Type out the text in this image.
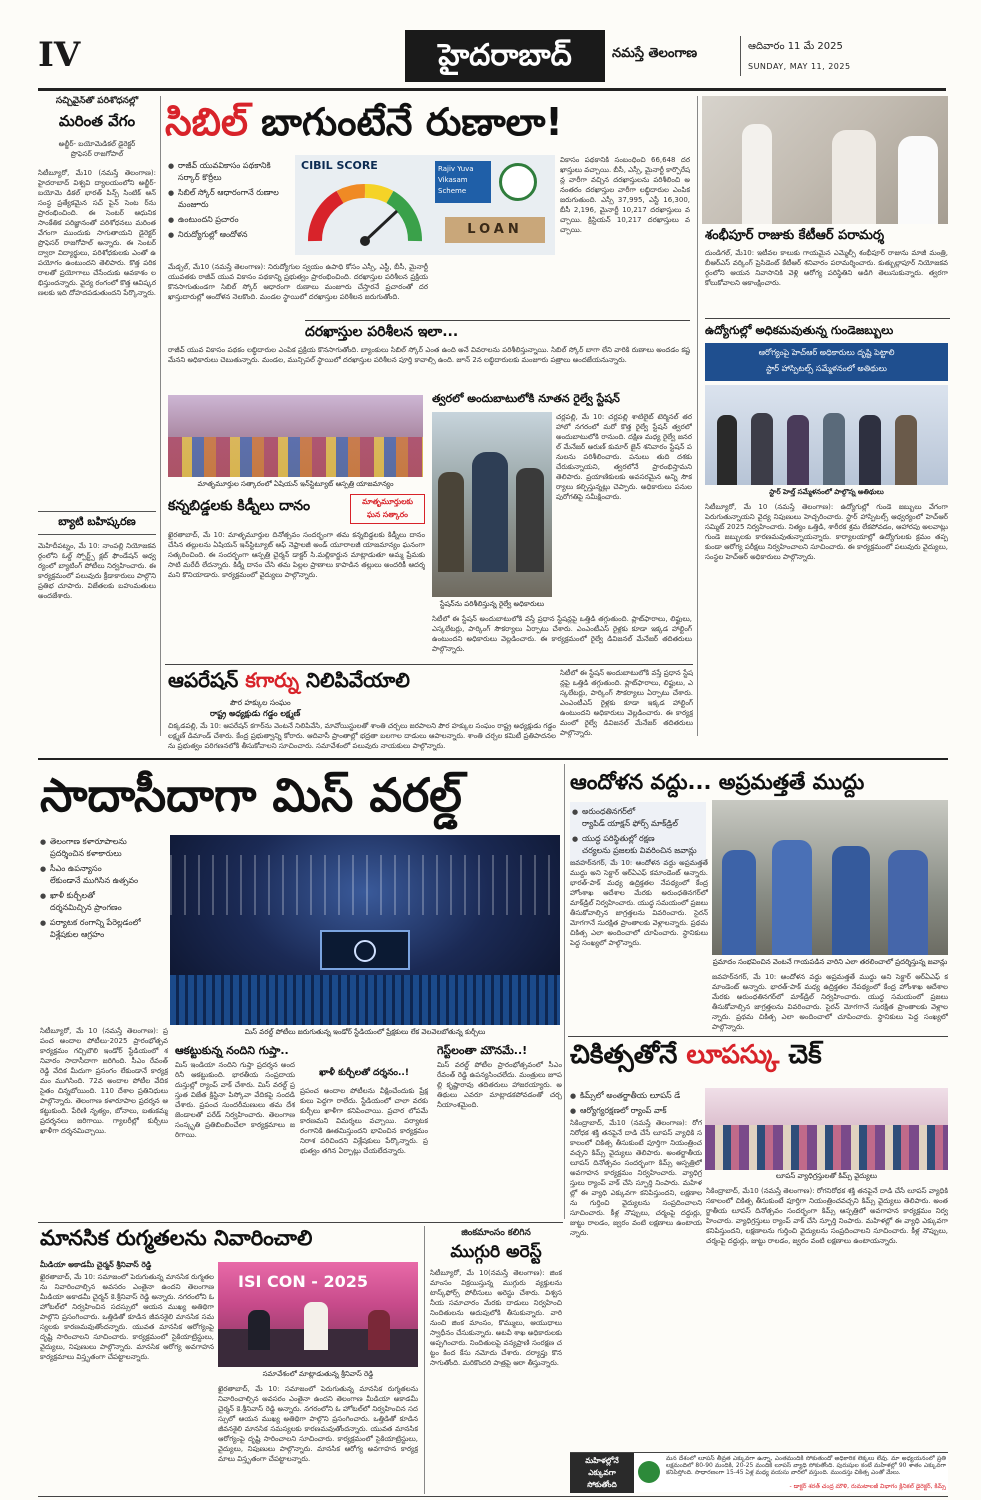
IV	హైదరాబాద్	నమస్తే తెలంగాణ	ఆదివారం 11 మే 2025
SUNDAY, MAY 11, 2025
సచ్చివైన్‌తో పరిశోధనల్లో
మరింత వేగం
అల్జీర్- బయోమెడికల్ డైరెక్టర్
ప్రొఫెసర్ రాజగోపాల్
సిటీబ్యూరో, మే10 (నమస్తే తెలంగాణ): హైదరాబాద్ విశ్వవి ద్యాలయంలోని అల్జీర్- బయోమె డికల్ భారత్ పిన్స్ సింటిక్ ఆన్ సంస్థ ప్రత్యేకమైన సచ్ పైన్ సెంట ర్‌ను ప్రారంభించింది. ఈ సెంటర్ ఆధునిక సాంకేతిక పరిజ్ఞానంతో పరిశోధనలు మరింత వేగంగా ముందుకు సాగుతాయని డైరెక్టర్ ప్రొఫెసర్ రాజగోపాల్ అన్నారు. ఈ సెంటర్ ద్వారా విద్యార్థులు, పరిశోధకులకు ఎంతో ఉపయోగం ఉంటుందని తెలిపారు. కొత్త పరికరాలతో ప్రయోగాలు చేసేందుకు అవకాశం లభిస్తుందన్నారు. వైద్య రంగంలో కొత్త ఆవిష్కరణలకు ఇది దోహదపడుతుందని పేర్కొన్నారు.
బ్యాటి బహిష్కరణ
మెహిదీపట్నం, మే 10: నాంపల్లి నియోజకవర్గంలోని ఓల్డ్ స్పోర్ట్స్ క్లబ్ ఫౌండేషన్ ఆధ్వర్యంలో బ్యాటింగ్ పోటీలు నిర్వహించారు. ఈ కార్యక్రమంలో పలువురు క్రీడాకారులు పాల్గొని ప్రతిభ చూపారు. విజేతలకు బహుమతులు అందజేశారు.
సిబిల్ బాగుంటేనే రుణాలా!
● రాజీవ్ యువవికాసం పథకానికి సర్కార్ కొర్రీలు
● సిబిల్ స్కోర్ ఆధారంగానే రుణాల మంజూరు
● ఉంటుందని ప్రచారం
● నిరుద్యోగుల్లో ఆందోళన
CIBIL SCORE	Rajiv Yuva
Vikasam
Scheme
LOAN
మేడ్చల్, మే10 (నమస్తే తెలంగాణ): నిరుద్యోగుల స్వయం ఉపాధి కోసం ఎస్సీ, ఎస్టీ, బీసీ, మైనార్టీ యువతకు రాజీవ్ యువ వికాసం పథకాన్ని ప్రభుత్వం ప్రారంభించింది. దరఖాస్తుల పరిశీలన ప్రక్రియ కొనసాగుతుండగా సిబిల్ స్కోర్ ఆధారంగా రుణాలు మంజూరు చేస్తారనే ప్రచారంతో దరఖాస్తుదారుల్లో ఆందోళన నెలకొంది. మండల స్థాయిలో దరఖాస్తుల పరిశీలన జరుగుతోంది.
వికాసం పథకానికి సంబంధించి 66,648 దరఖాస్తులు వచ్చాయి. బీసీ, ఎస్సీ, మైనార్టీ కార్పొరేషన్ల వారీగా వచ్చిన దరఖాస్తులను పరిశీలించి అనంతరం దరఖాస్తుల వారీగా లబ్ధిదారుల ఎంపిక జరుగుతుంది. ఎస్సీ 37,995, ఎస్టీ 16,300, బీసీ 2,196, మైనార్టీ 10,217 దరఖాస్తులు వచ్చాయి. క్రిస్టియన్ 10,217 దరఖాస్తులు వచ్చాయి.
దరఖాస్తుల పరిశీలన ఇలా...
రాజీవ్ యువ వికాసం పథకం లబ్ధిదారుల ఎంపిక ప్రక్రియ కొనసాగుతోంది. బ్యాంకులు సిబిల్ స్కోర్ ఎంత ఉంది అనే వివరాలను పరిశీలిస్తున్నాయి. సిబిల్ స్కోర్ బాగా లేని వారికి రుణాలు అందడం కష్టమేనని అధికారులు చెబుతున్నారు. మండల, మున్సిపల్ స్థాయిలో దరఖాస్తుల పరిశీలన పూర్తి కావాల్సి ఉంది. జూన్ 2న లబ్ధిదారులకు మంజూరు పత్రాలు అందజేయనున్నారు.
శంభీపూర్ రాజుకు కేటీఆర్ పరామర్శ
దుండిగల్, మే10: ఇటీవల కాలుకు గాయమైన ఎమ్మెల్సీ శంభీపూర్ రాజును మాజీ మంత్రి, బీఆర్ఎస్ వర్కింగ్ ప్రెసిడెంట్ కేటీఆర్ శనివారం పరామర్శించారు. కుత్బుల్లాపూర్ నియోజకవర్గంలోని ఆయన నివాసానికి వెళ్లి ఆరోగ్య పరిస్థితిని అడిగి తెలుసుకున్నారు. త్వరగా కోలుకోవాలని ఆకాంక్షించారు.
ఉద్యోగుల్లో అధికమవుతున్న గుండెజబ్బులు
ఆరోగ్యంపై హెచ్‌ఆర్ అధికారులు దృష్టి పెట్టాలి
స్టార్ హాస్పిటల్స్ సమ్మేళనంలో అతిథులు
స్టార్ హెల్త్ సమ్మేళనంలో పాల్గొన్న అతిథులు
సిటీబ్యూరో, మే 10 (నమస్తే తెలంగాణ): ఉద్యోగుల్లో గుండె జబ్బులు వేగంగా పెరుగుతున్నాయని వైద్య నిపుణులు హెచ్చరించారు. స్టార్ హాస్పిటల్స్ ఆధ్వర్యంలో హెచ్‌ఆర్ సమ్మిట్ 2025 నిర్వహించారు. నిత్యం ఒత్తిడి, శారీరక శ్రమ లేకపోవడం, ఆహారపు అలవాట్లు గుండె జబ్బులకు కారణమవుతున్నాయన్నారు. కార్యాలయాల్లో ఉద్యోగులకు క్రమం తప్పకుండా ఆరోగ్య పరీక్షలు నిర్వహించాలని సూచించారు. ఈ కార్యక్రమంలో పలువురు వైద్యులు, సంస్థల హెచ్‌ఆర్ అధికారులు పాల్గొన్నారు.
మాతృమూర్తుల సత్కారంలో ఏషియన్ ఇన్‌స్టిట్యూట్ ఆస్పత్రి యాజమాన్యం
కన్నబిడ్డలకు కిడ్నీలు దానం	మాతృమూర్తులకు
ఘన సత్కారం
ఖైరతాబాద్, మే 10: మాతృమూర్తుల దినోత్సవం సందర్భంగా తమ కన్నబిడ్డలకు కిడ్నీలు దానం చేసిన తల్లులను ఏషియన్ ఇన్‌స్టిట్యూట్ ఆఫ్ నెఫ్రాలజీ అండ్ యూరాలజీ యాజమాన్యం ఘనంగా సత్కరించింది. ఈ సందర్భంగా ఆస్పత్రి చైర్మన్ డాక్టర్ సి.మల్లికార్జున మాట్లాడుతూ అమ్మ ప్రేమకు సాటి మరేదీ లేదన్నారు. కిడ్నీ దానం చేసి తమ పిల్లల ప్రాణాలు కాపాడిన తల్లులు అందరికీ ఆదర్శమని కొనియాడారు. కార్యక్రమంలో వైద్యులు పాల్గొన్నారు.
త్వరలో అందుబాటులోకి నూతన రైల్వే స్టేషన్
స్టేషన్‌ను పరిశీలిస్తున్న రైల్వే అధికారులు
చర్లపల్లి, మే 10: చర్లపల్లి శాటిలైట్ టెర్మినల్ తరహాలో నగరంలో మరో కొత్త రైల్వే స్టేషన్ త్వరలో అందుబాటులోకి రానుంది. దక్షిణ మధ్య రైల్వే జనరల్ మేనేజర్ అరుణ్ కుమార్ జైన్ శనివారం స్టేషన్ పనులను పరిశీలించారు. పనులు తుది దశకు చేరుకున్నాయని, త్వరలోనే ప్రారంభిస్తామని తెలిపారు. ప్రయాణికులకు అవసరమైన అన్ని సౌకర్యాలు కల్పిస్తున్నట్లు చెప్పారు. అధికారులు పనుల పురోగతిపై సమీక్షించారు.
సిటీలో ఈ స్టేషన్ అందుబాటులోకి వస్తే ప్రధాన స్టేషన్లపై ఒత్తిడి తగ్గుతుంది. ప్లాట్‌ఫారాలు, లిఫ్టులు, ఎస్కలేటర్లు, పార్కింగ్ సౌకర్యాలు ఏర్పాటు చేశారు. ఎంఎంటీఎస్ రైళ్లకు కూడా ఇక్కడ హాల్టింగ్ ఉంటుందని అధికారులు వెల్లడించారు. ఈ కార్యక్రమంలో రైల్వే డివిజనల్ మేనేజర్ తదితరులు పాల్గొన్నారు.
ఆపరేషన్ కగార్ను నిలిపివేయాలి
పౌర హక్కుల సంఘం
రాష్ట్ర అధ్యక్షుడు గడ్డం లక్ష్మణ్
చిక్కడపల్లి, మే 10: ఆపరేషన్ కగార్‌ను వెంటనే నిలిపివేసి, మావోయిస్టులతో శాంతి చర్చలు జరపాలని పౌర హక్కుల సంఘం రాష్ట్ర అధ్యక్షుడు గడ్డం లక్ష్మణ్ డిమాండ్ చేశారు. కేంద్ర ప్రభుత్వాన్ని కోరారు. ఆదివాసీ ప్రాంతాల్లో భద్రతా బలగాల దాడులు ఆపాలన్నారు. శాంతి చర్చల కమిటీ ప్రతిపాదనలను ప్రభుత్వం పరిగణనలోకి తీసుకోవాలని సూచించారు. సమావేశంలో పలువురు నాయకులు పాల్గొన్నారు.
సిటీలో ఈ స్టేషన్ అందుబాటులోకి వస్తే ప్రధాన స్టేషన్లపై ఒత్తిడి తగ్గుతుంది. ప్లాట్‌ఫారాలు, లిఫ్టులు, ఎస్కలేటర్లు, పార్కింగ్ సౌకర్యాలు ఏర్పాటు చేశారు. ఎంఎంటీఎస్ రైళ్లకు కూడా ఇక్కడ హాల్టింగ్ ఉంటుందని అధికారులు వెల్లడించారు. ఈ కార్యక్రమంలో రైల్వే డివిజనల్ మేనేజర్ తదితరులు పాల్గొన్నారు.
సాదాసీదాగా మిస్ వరల్డ్
● తెలంగాణ కళారూపాలను
ప్రదర్శించిన కళాకారులు
● సీఎం ఉపన్యాసం
లేకుండానే ముగిసిన ఉత్సవం
● ఖాళీ కుర్చీలతో
దర్శనమిచ్చిన ప్రాంగణం
● పర్యాటక రంగాన్ని పేరెల్లడంలో
విశ్లేషకుల ఆగ్రహం
మిస్ వరల్డ్ పోటీలు జరుగుతున్న ఇండోర్ స్టేడియంలో ప్రేక్షకులు లేక వెలవెలబోతున్న కుర్చీలు
సిటీబ్యూరో, మే 10 (నమస్తే తెలంగాణ): ప్రపంచ అందాల పోటీలు-2025 ప్రారంభోత్సవ కార్యక్రమం గచ్చిబౌలి ఇండోర్ స్టేడియంలో శనివారం సాదాసీదాగా జరిగింది. సీఎం రేవంత్ రెడ్డి వేదిక మీదుగా ప్రసంగం లేకుండానే కార్యక్రమం ముగిసింది. 72వ అందాల పోటీల వేదిక సైతం చిన్నబోయింది. 110 దేశాల ప్రతినిధులు పాల్గొన్నారు. తెలంగాణ కళారూపాల ప్రదర్శన ఆకట్టుకుంది. పేరిణి నృత్యం, బోనాలు, బతుకమ్మ ప్రదర్శనలు జరిగాయి. గ్యాలరీల్లో కుర్చీలు ఖాళీగా దర్శనమిచ్చాయి.
ఆకట్టుకున్న నందిని గుప్తా..
మిస్ ఇండియా నందిని గుప్తా ప్రదర్శన అందరినీ ఆకట్టుకుంది. భారతీయ సంప్రదాయ దుస్తుల్లో ర్యాంప్ వాక్ చేశారు. మిస్ వరల్డ్ ప్రస్తుత విజేత క్రిస్టినా పిస్కోవా వేదికపై సందడి చేశారు. ప్రపంచ సుందరీమణులు తమ దేశ జెండాలతో పరేడ్ నిర్వహించారు. తెలంగాణ సంస్కృతి ప్రతిబింబించేలా కార్యక్రమాలు జరిగాయి.
ప్రపంచ అందాల పోటీలను వీక్షించేందుకు ప్రేక్షకులు పెద్దగా రాలేదు. స్టేడియంలో చాలా వరకు కుర్చీలు ఖాళీగా కనిపించాయి. ప్రచార లోపమే కారణమని విమర్శలు వచ్చాయి. పర్యాటక రంగానికి ఊతమిస్తుందని భావించిన కార్యక్రమం నిరాశ పరిచిందని విశ్లేషకులు పేర్కొన్నారు. ప్రభుత్వం తగిన ఏర్పాట్లు చేయలేదన్నారు.
ఖాళీ కుర్చీలతో దర్శనం..!
గెస్ట్‌లంతా మౌనమే..!
మిస్ వరల్డ్ పోటీల ప్రారంభోత్సవంలో సీఎం రేవంత్ రెడ్డి ఉపన్యసించలేదు. మంత్రులు జూపల్లి కృష్ణారావు తదితరులు హాజరయ్యారు. అతిథులు ఎవరూ మాట్లాడకపోవడంతో చర్చనీయాంశమైంది.
ఆందోళన వద్దు... అప్రమత్తతే ముద్దు
● అరుంధతినగర్‌లో
ర్యాపిడ్ యాక్షన్ ఫోర్స్ మాక్‌డ్రిల్
● యుద్ధ పరిస్థితుల్లో రక్షణ
చర్యలను ప్రజలకు వివరించిన జవాన్లు
ప్రమాదం సంభవించిన వెంటనే గాయపడిన వారిని ఎలా తరలించాలో ప్రదర్శిస్తున్న జవాన్లు
జవహర్‌నగర్, మే 10: ఆందోళన వద్దు అప్రమత్తతే ముద్దు అని సెక్టార్ ఆర్ఏఎఫ్ కమాండెంట్ అన్నారు. భారత్-పాక్ మధ్య ఉద్రిక్తతల నేపథ్యంలో కేంద్ర హోంశాఖ ఆదేశాల మేరకు అరుంధతినగర్‌లో మాక్‌డ్రిల్ నిర్వహించారు. యుద్ధ సమయంలో ప్రజలు తీసుకోవాల్సిన జాగ్రత్తలను వివరించారు. సైరన్ మోగగానే సురక్షిత ప్రాంతాలకు వెళ్లాలన్నారు. ప్రథమ చికిత్స ఎలా అందించాలో చూపించారు. స్థానికులు పెద్ద సంఖ్యలో పాల్గొన్నారు.
జవహర్‌నగర్, మే 10: ఆందోళన వద్దు అప్రమత్తతే ముద్దు అని సెక్టార్ ఆర్ఏఎఫ్ కమాండెంట్ అన్నారు. భారత్-పాక్ మధ్య ఉద్రిక్తతల నేపథ్యంలో కేంద్ర హోంశాఖ ఆదేశాల మేరకు అరుంధతినగర్‌లో మాక్‌డ్రిల్ నిర్వహించారు. యుద్ధ సమయంలో ప్రజలు తీసుకోవాల్సిన జాగ్రత్తలను వివరించారు. సైరన్ మోగగానే సురక్షిత ప్రాంతాలకు వెళ్లాలన్నారు. ప్రథమ చికిత్స ఎలా అందించాలో చూపించారు. స్థానికులు పెద్ద సంఖ్యలో పాల్గొన్నారు.
చికిత్సతోనే లూపస్కు చెక్
● కిమ్స్‌లో అంతర్జాతీయ లూపస్ డే
● ఆర్యోగ్యరక్షణలో ర్యాంప్ వాక్
లూపస్ వ్యాధిగ్రస్తులతో కిమ్స్ వైద్యులు
సికింద్రాబాద్, మే10 (నమస్తే తెలంగాణ): రోగనిరోధక శక్తి తనపైనే దాడి చేసే లూపస్ వ్యాధికి సకాలంలో చికిత్స తీసుకుంటే పూర్తిగా నియంత్రించవచ్చని కిమ్స్ వైద్యులు తెలిపారు. అంతర్జాతీయ లూపస్ దినోత్సవం సందర్భంగా కిమ్స్ ఆస్పత్రిలో అవగాహన కార్యక్రమం నిర్వహించారు. వ్యాధిగ్రస్తులు ర్యాంప్ వాక్ చేసి స్ఫూర్తి నింపారు. మహిళల్లో ఈ వ్యాధి ఎక్కువగా కనిపిస్తుందని, లక్షణాలను గుర్తించి వైద్యులను సంప్రదించాలని సూచించారు. కీళ్ల నొప్పులు, చర్మంపై దద్దుర్లు, జుట్టు రాలడం, జ్వరం వంటి లక్షణాలు ఉంటాయన్నారు.
సికింద్రాబాద్, మే10 (నమస్తే తెలంగాణ): రోగనిరోధక శక్తి తనపైనే దాడి చేసే లూపస్ వ్యాధికి సకాలంలో చికిత్స తీసుకుంటే పూర్తిగా నియంత్రించవచ్చని కిమ్స్ వైద్యులు తెలిపారు. అంతర్జాతీయ లూపస్ దినోత్సవం సందర్భంగా కిమ్స్ ఆస్పత్రిలో అవగాహన కార్యక్రమం నిర్వహించారు. వ్యాధిగ్రస్తులు ర్యాంప్ వాక్ చేసి స్ఫూర్తి నింపారు. మహిళల్లో ఈ వ్యాధి ఎక్కువగా కనిపిస్తుందని, లక్షణాలను గుర్తించి వైద్యులను సంప్రదించాలని సూచించారు. కీళ్ల నొప్పులు, చర్మంపై దద్దుర్లు, జుట్టు రాలడం, జ్వరం వంటి లక్షణాలు ఉంటాయన్నారు.
మహిళల్లోనే
ఎక్కువగా
సోకుతోంది
మన దేశంలో లూపస్ తీవ్రత ఎక్కువగా ఉన్నా, ఎంతమందికి సోకుతుందో అధికారిక లెక్కలు లేవు. మా అధ్యయనంలో ప్రతి లక్షమందిలో 80-90 మందికి, 20-25 మందికి లూపస్ వ్యాధి సోకుతోంది. పురుషుల కంటే మహిళల్లో 90 శాతం ఎక్కువగా కనిపిస్తోంది. సాధారణంగా 15-45 ఏళ్ల మధ్య వయసు వారిలో వస్తుంది. ముందస్తు చికిత్స ఎంతో మేలు.
- డాక్టర్ శరత్ చంద్ర మౌళి, రుమటాలజీ విభాగం క్లినికల్ డైరెక్టర్, కిమ్స్
మానసిక రుగ్మతలను నివారించాలి
మీడియా అకాడమీ చైర్మన్ శ్రీనివాస్ రెడ్డి
ISI CON - 2025
సమావేశంలో మాట్లాడుతున్న శ్రీనివాస్ రెడ్డి
ఖైరతాబాద్, మే 10: సమాజంలో పెరుగుతున్న మానసిక రుగ్మతలను నివారించాల్సిన అవసరం ఎంతైనా ఉందని తెలంగాణ మీడియా అకాడమీ చైర్మన్ కె.శ్రీనివాస్ రెడ్డి అన్నారు. నగరంలోని ఓ హోటల్‌లో నిర్వహించిన సదస్సులో ఆయన ముఖ్య అతిథిగా పాల్గొని ప్రసంగించారు. ఒత్తిడితో కూడిన జీవనశైలి మానసిక సమస్యలకు కారణమవుతోందన్నారు. యువత మానసిక ఆరోగ్యంపై దృష్టి సారించాలని సూచించారు. కార్యక్రమంలో సైకియాట్రిస్టులు, వైద్యులు, నిపుణులు పాల్గొన్నారు. మానసిక ఆరోగ్య అవగాహన కార్యక్రమాలు విస్తృతంగా చేపట్టాలన్నారు.
ఖైరతాబాద్, మే 10: సమాజంలో పెరుగుతున్న మానసిక రుగ్మతలను నివారించాల్సిన అవసరం ఎంతైనా ఉందని తెలంగాణ మీడియా అకాడమీ చైర్మన్ కె.శ్రీనివాస్ రెడ్డి అన్నారు. నగరంలోని ఓ హోటల్‌లో నిర్వహించిన సదస్సులో ఆయన ముఖ్య అతిథిగా పాల్గొని ప్రసంగించారు. ఒత్తిడితో కూడిన జీవనశైలి మానసిక సమస్యలకు కారణమవుతోందన్నారు. యువత మానసిక ఆరోగ్యంపై దృష్టి సారించాలని సూచించారు. కార్యక్రమంలో సైకియాట్రిస్టులు, వైద్యులు, నిపుణులు పాల్గొన్నారు. మానసిక ఆరోగ్య అవగాహన కార్యక్రమాలు విస్తృతంగా చేపట్టాలన్నారు.
జింకమాంసం కలిగిన
ముగ్గురి అరెస్ట్
సిటీబ్యూరో, మే 10(నమస్తే తెలంగాణ): జింక మాంసం విక్రయిస్తున్న ముగ్గురు వ్యక్తులను టాస్క్‌ఫోర్స్ పోలీసులు అరెస్టు చేశారు. విశ్వసనీయ సమాచారం మేరకు దాడులు నిర్వహించి నిందితులను అదుపులోకి తీసుకున్నారు. వారి నుంచి జింక మాంసం, కొమ్ములు, ఆయుధాలు స్వాధీనం చేసుకున్నారు. అటవీ శాఖ అధికారులకు అప్పగించారు. నిందితులపై వన్యప్రాణి సంరక్షణ చట్టం కింద కేసు నమోదు చేశారు. దర్యాప్తు కొనసాగుతోంది. మరికొందరి పాత్రపై ఆరా తీస్తున్నారు.
